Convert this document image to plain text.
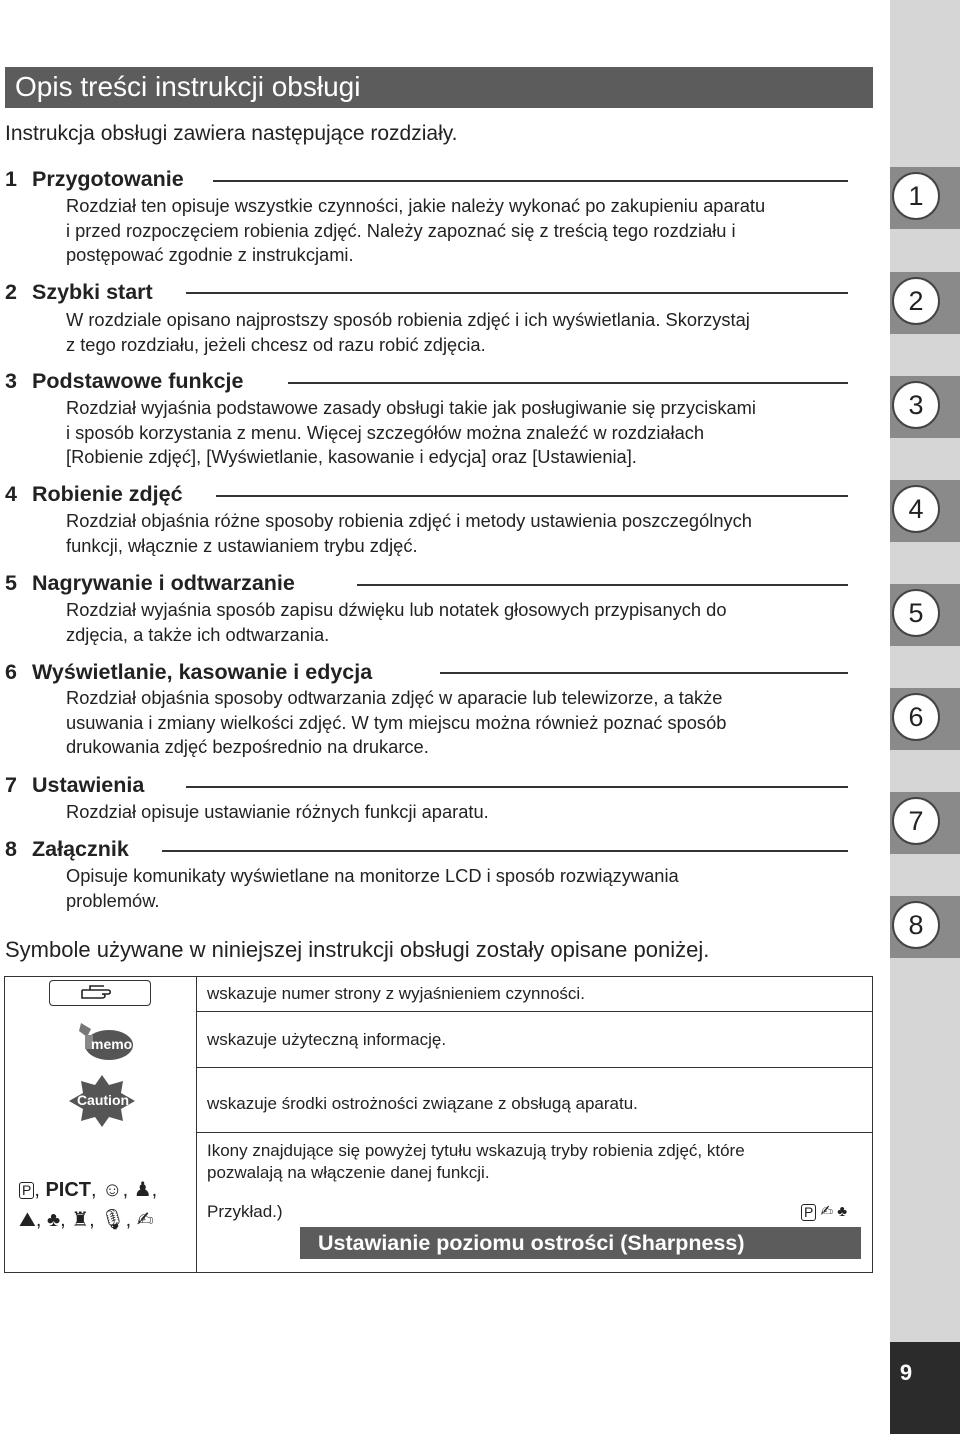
1
2
3
4
5
6
7
8
9
Opis treści instrukcji obsługi
Instrukcja obsługi zawiera następujące rozdziały.
1 Przygotowanie
Rozdział ten opisuje wszystkie czynności, jakie należy wykonać po zakupieniu aparatu
i przed rozpoczęciem robienia zdjęć. Należy zapoznać się z treścią tego rozdziału i
postępować zgodnie z instrukcjami.
2 Szybki start
W rozdziale opisano najprostszy sposób robienia zdjęć i ich wyświetlania. Skorzystaj
z tego rozdziału, jeżeli chcesz od razu robić zdjęcia.
3 Podstawowe funkcje
Rozdział wyjaśnia podstawowe zasady obsługi takie jak posługiwanie się przyciskami
i sposób korzystania z menu. Więcej szczegółów można znaleźć w rozdziałach
[Robienie zdjęć], [Wyświetlanie, kasowanie i edycja] oraz [Ustawienia].
4 Robienie zdjęć
Rozdział objaśnia różne sposoby robienia zdjęć i metody ustawienia poszczególnych
funkcji, włącznie z ustawianiem trybu zdjęć.
5 Nagrywanie i odtwarzanie
Rozdział wyjaśnia sposób zapisu dźwięku lub notatek głosowych przypisanych do
zdjęcia, a także ich odtwarzania.
6 Wyświetlanie, kasowanie i edycja
Rozdział objaśnia sposoby odtwarzania zdjęć w aparacie lub telewizorze, a także
usuwania i zmiany wielkości zdjęć. W tym miejscu można również poznać sposób
drukowania zdjęć bezpośrednio na drukarce.
7 Ustawienia
Rozdział opisuje ustawianie różnych funkcji aparatu.
8 Załącznik
Opisuje komunikaty wyświetlane na monitorze LCD i sposób rozwiązywania
problemów.
Symbole używane w niniejszej instrukcji obsługi zostały opisane poniżej.
wskazuje numer strony z wyjaśnieniem czynności.
memo	wskazuje użyteczną informację.
Caution	wskazuje środki ostrożności związane z obsługą aparatu.
P , PICT, ☺, ♟,
⛰, ♣, ♜, 🎙, ✍
Ikony znajdujące się powyżej tytułu wskazują tryby robienia zdjęć, które
pozwalają na włączenie danej funkcji.
Przykład.)	P ✍ ♣
Ustawianie poziomu ostrości (Sharpness)
